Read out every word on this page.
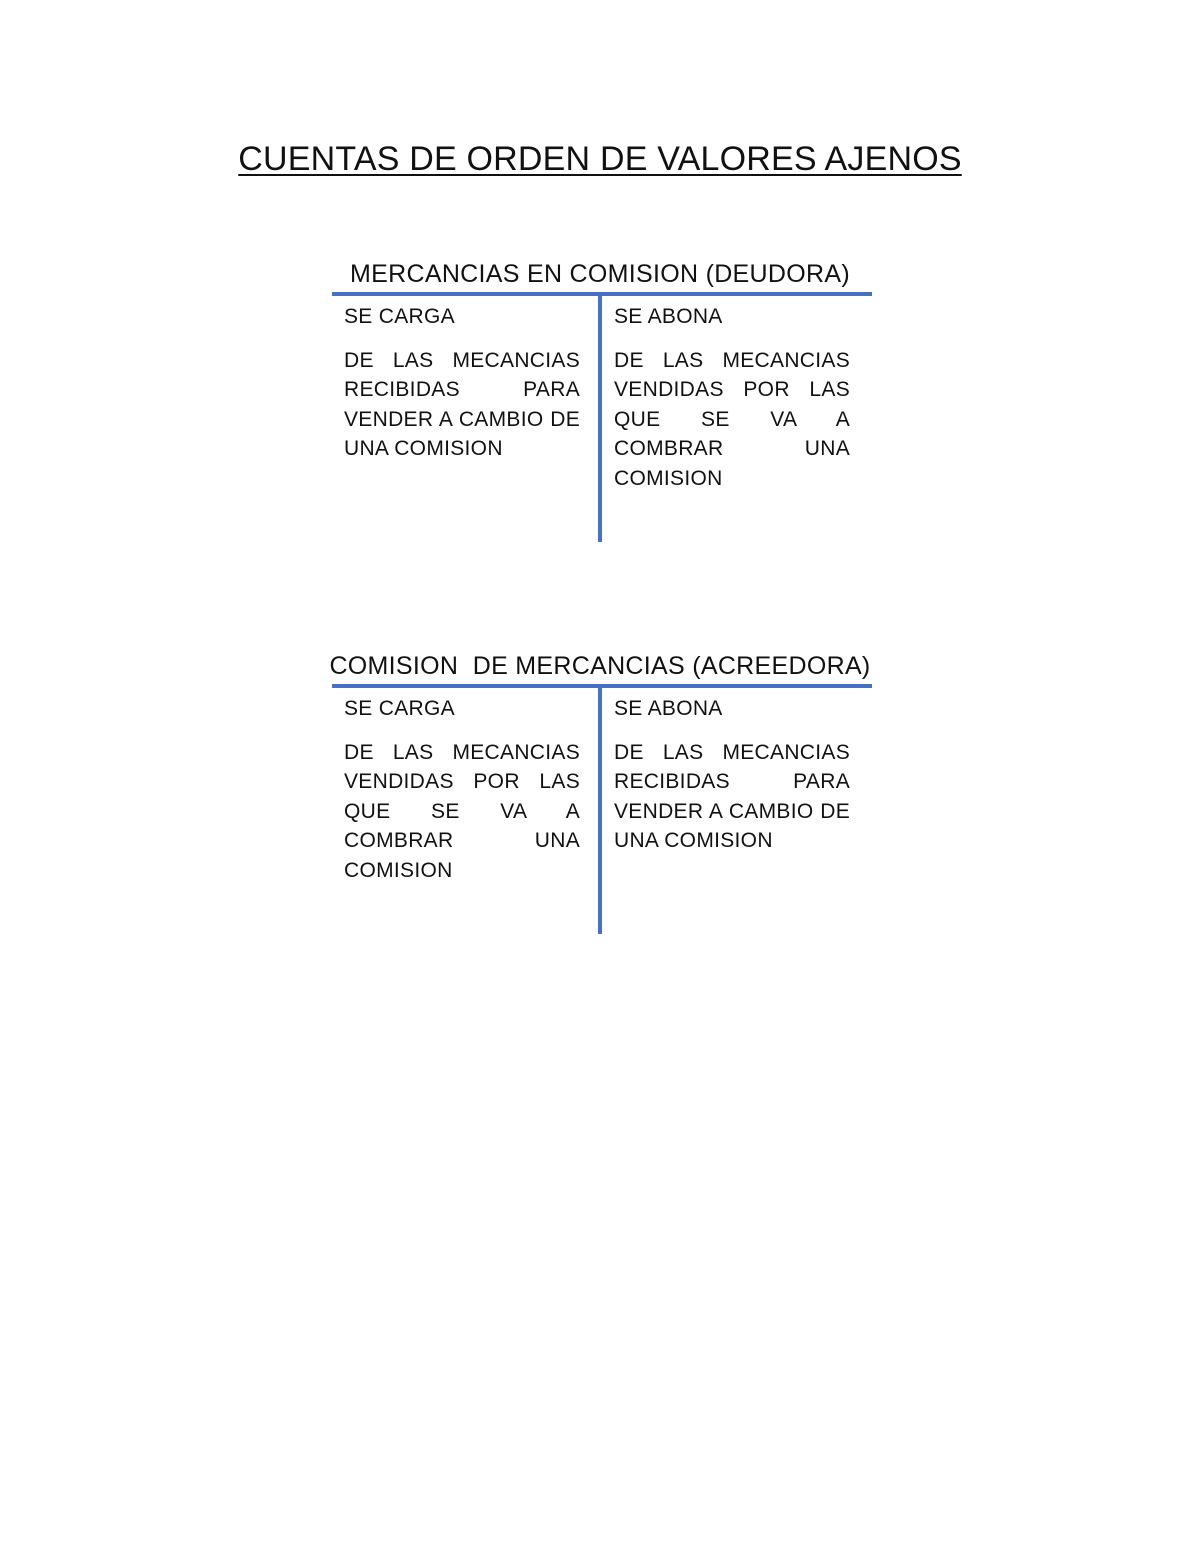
CUENTAS DE ORDEN DE VALORES AJENOS
MERCANCIAS EN COMISION (DEUDORA)
SE CARGA
DE LAS MECANCIAS RECIBIDAS PARA VENDER A CAMBIO DE UNA COMISION
SE ABONA
DE LAS MECANCIAS VENDIDAS POR LAS QUE SE VA A COMBRAR UNA COMISION
COMISION  DE MERCANCIAS (ACREEDORA)
SE CARGA
DE LAS MECANCIAS VENDIDAS POR LAS QUE SE VA A COMBRAR UNA COMISION
SE ABONA
DE LAS MECANCIAS RECIBIDAS PARA VENDER A CAMBIO DE UNA COMISION
